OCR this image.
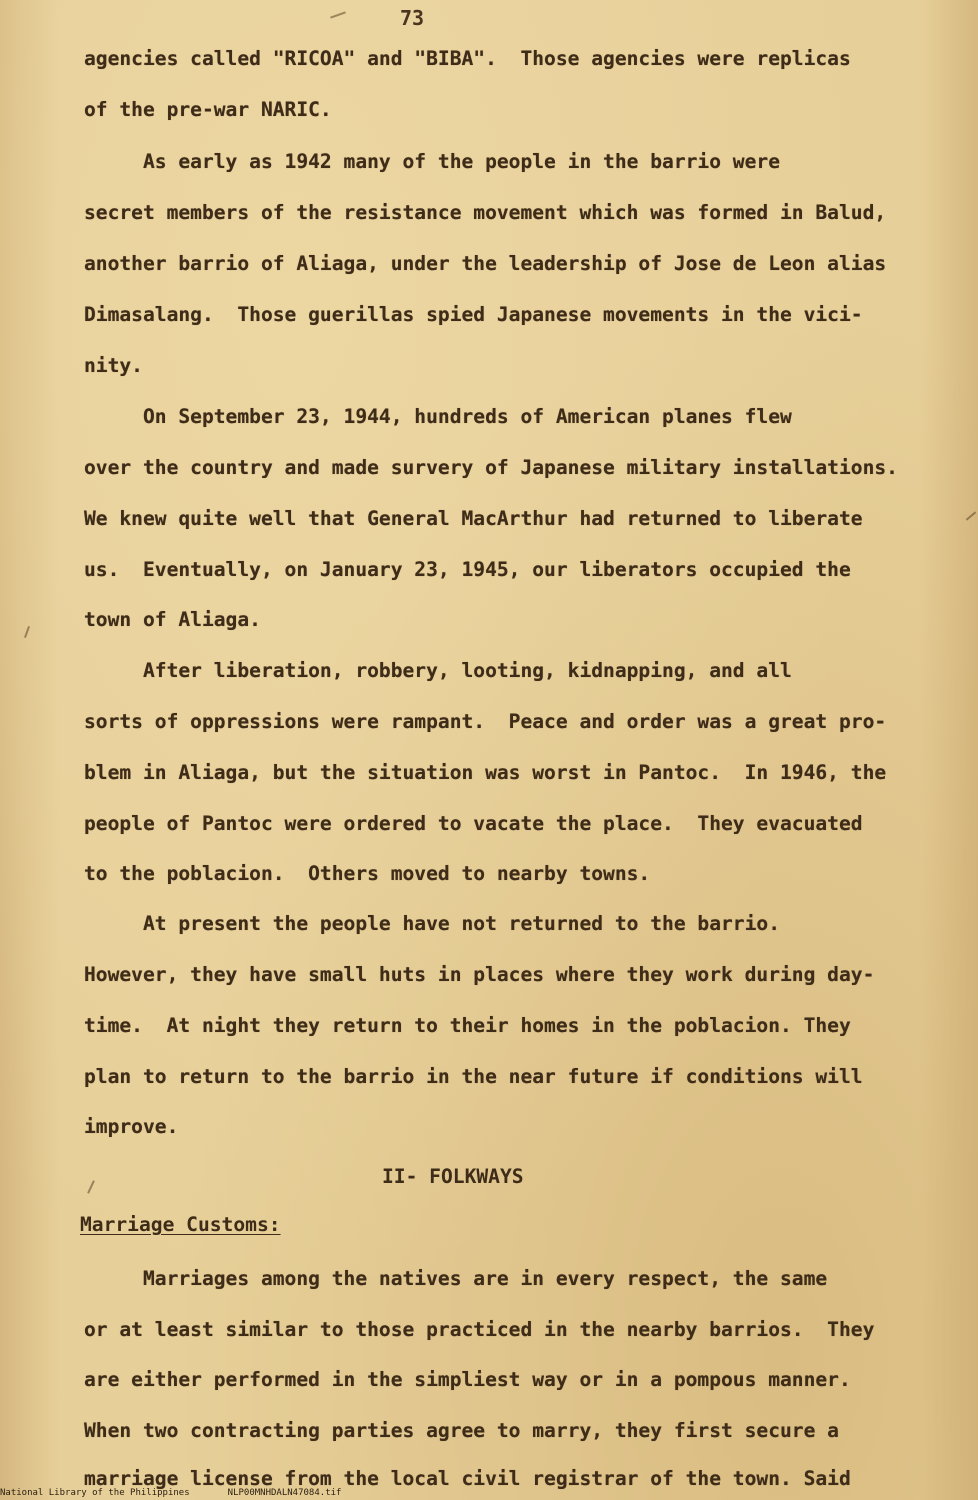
73
agencies called "RICOA" and "BIBA".  Those agencies were replicas
of the pre-war NARIC.
As early as 1942 many of the people in the barrio were
secret members of the resistance movement which was formed in Balud,
another barrio of Aliaga, under the leadership of Jose de Leon alias
Dimasalang.  Those guerillas spied Japanese movements in the vici-
nity.
On September 23, 1944, hundreds of American planes flew
over the country and made survery of Japanese military installations.
We knew quite well that General MacArthur had returned to liberate
us.  Eventually, on January 23, 1945, our liberators occupied the
town of Aliaga.
After liberation, robbery, looting, kidnapping, and all
sorts of oppressions were rampant.  Peace and order was a great pro-
blem in Aliaga, but the situation was worst in Pantoc.  In 1946, the
people of Pantoc were ordered to vacate the place.  They evacuated
to the poblacion.  Others moved to nearby towns.
At present the people have not returned to the barrio.
However, they have small huts in places where they work during day-
time.  At night they return to their homes in the poblacion. They
plan to return to the barrio in the near future if conditions will
improve.
II- FOLKWAYS
Marriage Customs:
Marriages among the natives are in every respect, the same
or at least similar to those practiced in the nearby barrios.  They
are either performed in the simpliest way or in a pompous manner.
When two contracting parties agree to marry, they first secure a
marriage license from the local civil registrar of the town. Said
National Library of the Philippines	NLP00MNHDALN47084.tif
